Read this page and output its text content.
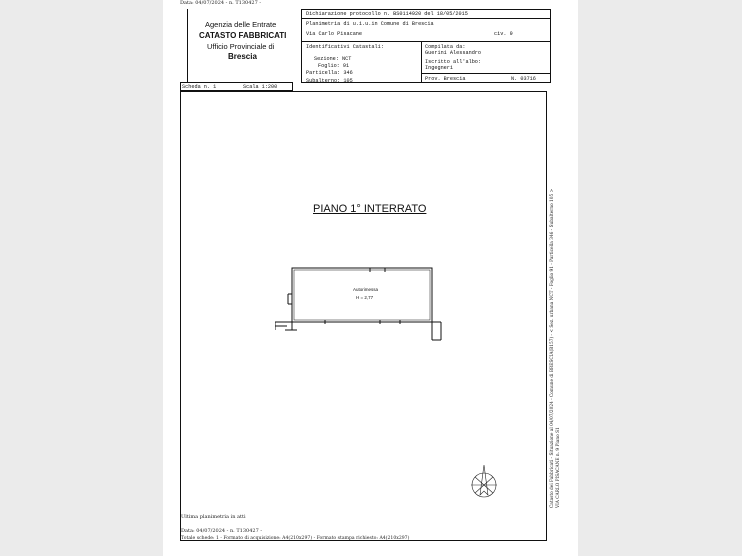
Data: 04/07/2024 - n. T130427 -
Agenzia delle Entrate
CATASTO FABBRICATI
Ufficio Provinciale di
Brescia
Dichiarazione protocollo n. BS0114920 del 18/05/2015
Planimetria di u.i.u.in Comune di Brescia
Via Carlo Pisacane	civ. 9
Identificativi Catastali:
Sezione: NCT
Foglio: 91
Particella: 346
Subalterno: 105
Compilata da:
Guerini Alessandro
Iscritto all'albo:
Ingegneri
Prov. Brescia	N. 03716
Scheda n. 1	Scala 1:200
PIANO 1° INTERRATO
Autorimessa
H = 2,77
Ultima planimetria in atti
Data: 04/07/2024 - n. T130427 -
Totale schede: 1 - Formato di acquisizione: A4(210x297) - Formato stampa richiesto: A4(210x297)
Catasto dei Fabbricati - Situazione al 04/07/2024 - Comune di BRESCIA(B157) - < Sez. urbana NCT - Foglio 91 - Particella 346 - Subalterno 105 > VIA CARLO PISACANE n. 9 Piano S1
